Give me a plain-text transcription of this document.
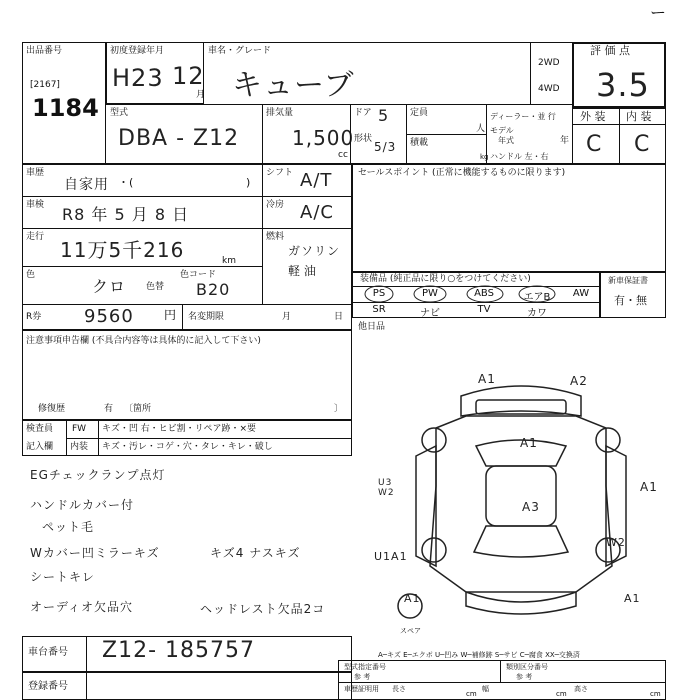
出品番号
[2167]
1184
初度登録年月
H23 12
月
車名・グレード
キューブ
2WD
4WD
評 価 点
3.5
ー
型式
DBA - Z12
排気量
1,500
cc
ドア 5
形状
5/3
定員
人
積載
kg
ディーラー・並 行
モデル
年式	年
ハンドル 左・右
外 装 内 装
C C
車歴
自家用 ・(	)
車検 R8 年 5 月 8 日
走行
11万5千216	km
色
クロ 色替
色コード
B20
シフト A/T
冷房 A/C
燃料
ガソリン
軽 油
R券 9560	円 名変期限	月	日
セールスポイント (正常に機能するものに限ります)
装備品 (純正品に限り○をつけてください)
PS	PW	ABS	エアB	AW
SR	ナビ	TV	カワ
新車保証書
有・無
他日品
注意事項申告欄 (不具合内容等は具体的に記入して下さい)
修復歴	有 〔箇所	〕
検査員
記入欄
FW キズ・凹 右・ヒビ割・リペア跡・×要
内装 キズ・汚レ・コゲ・穴・タレ・キレ・破し
EGチェックランプ点灯
ハンドルカバー付
ペット毛
Wカバー凹ミラーキズ
シートキレ
オーディオ欠品穴
キズ4 ナスキズ
ヘッドレスト欠品2コ
A1	A2
A1
A3
A1
U3 W2
W2
U1A1
A1	A1
スペア
車台番号 Z12- 185757
登録番号
A─キズ E─エクボ U─凹み W─補修跡 S─サビ C─腐食 XX─交換済
型式指定番号
参 考
類別区分番号
参 考
車歴証明用 長さ
cm
幅
cm
高さ
cm
